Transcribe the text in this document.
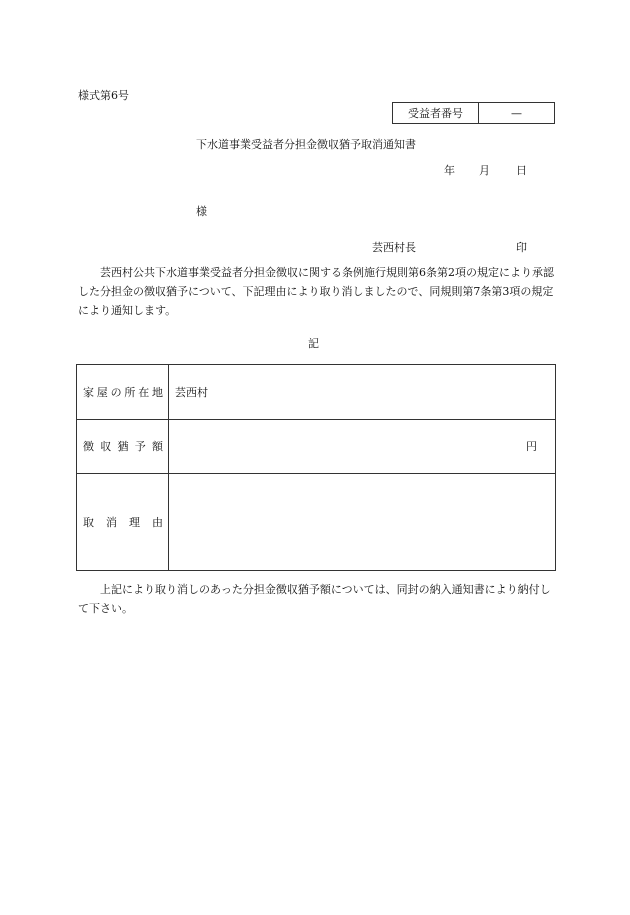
様式第6号
受益者番号	—
下水道事業受益者分担金徴収猶予取消通知書
年 月 日
様
芸西村長	印
芸西村公共下水道事業受益者分担金徴収に関する条例施行規則第6条第2項の規定により承認した分担金の徴収猶予について、下記理由により取り消しましたので、同規則第7条第3項の規定により通知します。
記
家 屋 の 所 在 地	芸西村
徴 収 猶 予 額	円
取 消 理 由
上記により取り消しのあった分担金徴収猶予額については、同封の納入通知書により納付して下さい。
